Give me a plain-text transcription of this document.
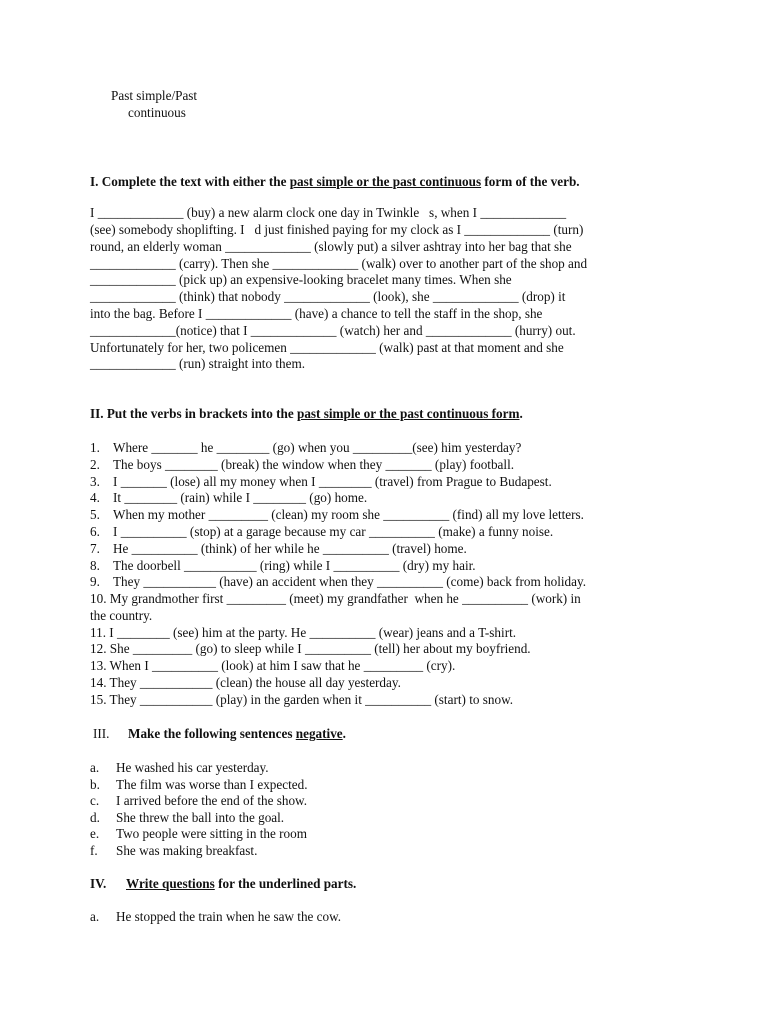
Past simple/Past
continuous
I. Complete the text with either the past simple or the past continuous form of the verb.
I _____________ (buy) a new alarm clock one day in Twinkle   s, when I _____________
(see) somebody shoplifting. I   d just finished paying for my clock as I _____________ (turn)
round, an elderly woman _____________ (slowly put) a silver ashtray into her bag that she
_____________ (carry). Then she _____________ (walk) over to another part of the shop and
_____________ (pick up) an expensive-looking bracelet many times. When she
_____________ (think) that nobody _____________ (look), she _____________ (drop) it
into the bag. Before I _____________ (have) a chance to tell the staff in the shop, she
_____________(notice) that I _____________ (watch) her and _____________ (hurry) out.
Unfortunately for her, two policemen _____________ (walk) past at that moment and she
_____________ (run) straight into them.
II. Put the verbs in brackets into the past simple or the past continuous form.
1. Where _______ he ________ (go) when you _________(see) him yesterday?
2. The boys ________ (break) the window when they _______ (play) football.
3. I _______ (lose) all my money when I ________ (travel) from Prague to Budapest.
4. It ________ (rain) while I ________ (go) home.
5. When my mother _________ (clean) my room she __________ (find) all my love letters.
6. I __________ (stop) at a garage because my car __________ (make) a funny noise.
7. He __________ (think) of her while he __________ (travel) home.
8. The doorbell ___________ (ring) while I __________ (dry) my hair.
9. They ___________ (have) an accident when they __________ (come) back from holiday.
10. My grandmother first _________ (meet) my grandfather  when he __________ (work) in
the country.
11. I ________ (see) him at the party. He __________ (wear) jeans and a T-shirt.
12. She _________ (go) to sleep while I __________ (tell) her about my boyfriend.
13. When I __________ (look) at him I saw that he _________ (cry).
14. They ___________ (clean) the house all day yesterday.
15. They ___________ (play) in the garden when it __________ (start) to snow.
III. Make the following sentences negative.
a. He washed his car yesterday.
b. The film was worse than I expected.
c. I arrived before the end of the show.
d. She threw the ball into the goal.
e. Two people were sitting in the room
f. She was making breakfast.
IV. Write questions for the underlined parts.
a. He stopped the train when he saw the cow.
